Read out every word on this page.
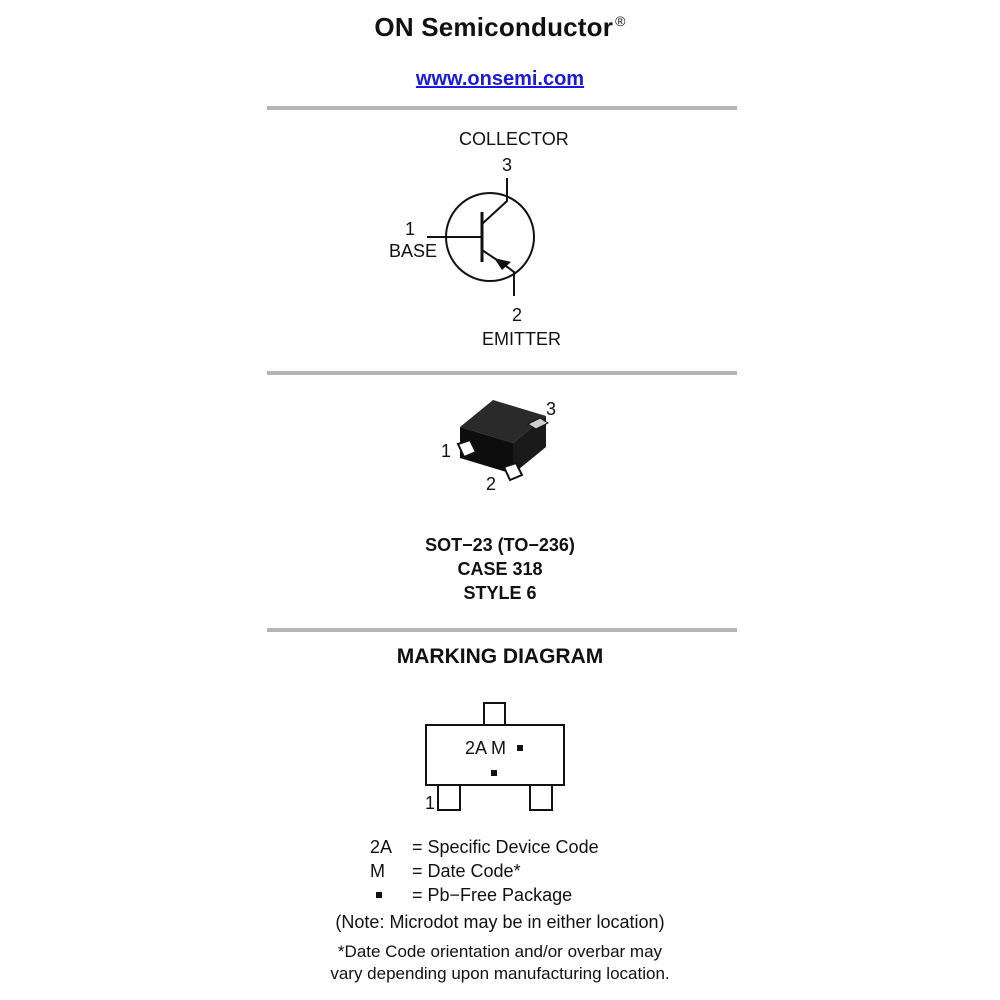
ON Semiconductor ®
www.onsemi.com
COLLECTOR
3
1
BASE
2
EMITTER
3
1
2
SOT−23 (TO−236)
CASE 318
STYLE 6
MARKING DIAGRAM
2A M
1
2A	= Specific Device Code
M	= Date Code*
= Pb−Free Package
(Note: Microdot may be in either location)
*Date Code orientation and/or overbar may
vary depending upon manufacturing location.
